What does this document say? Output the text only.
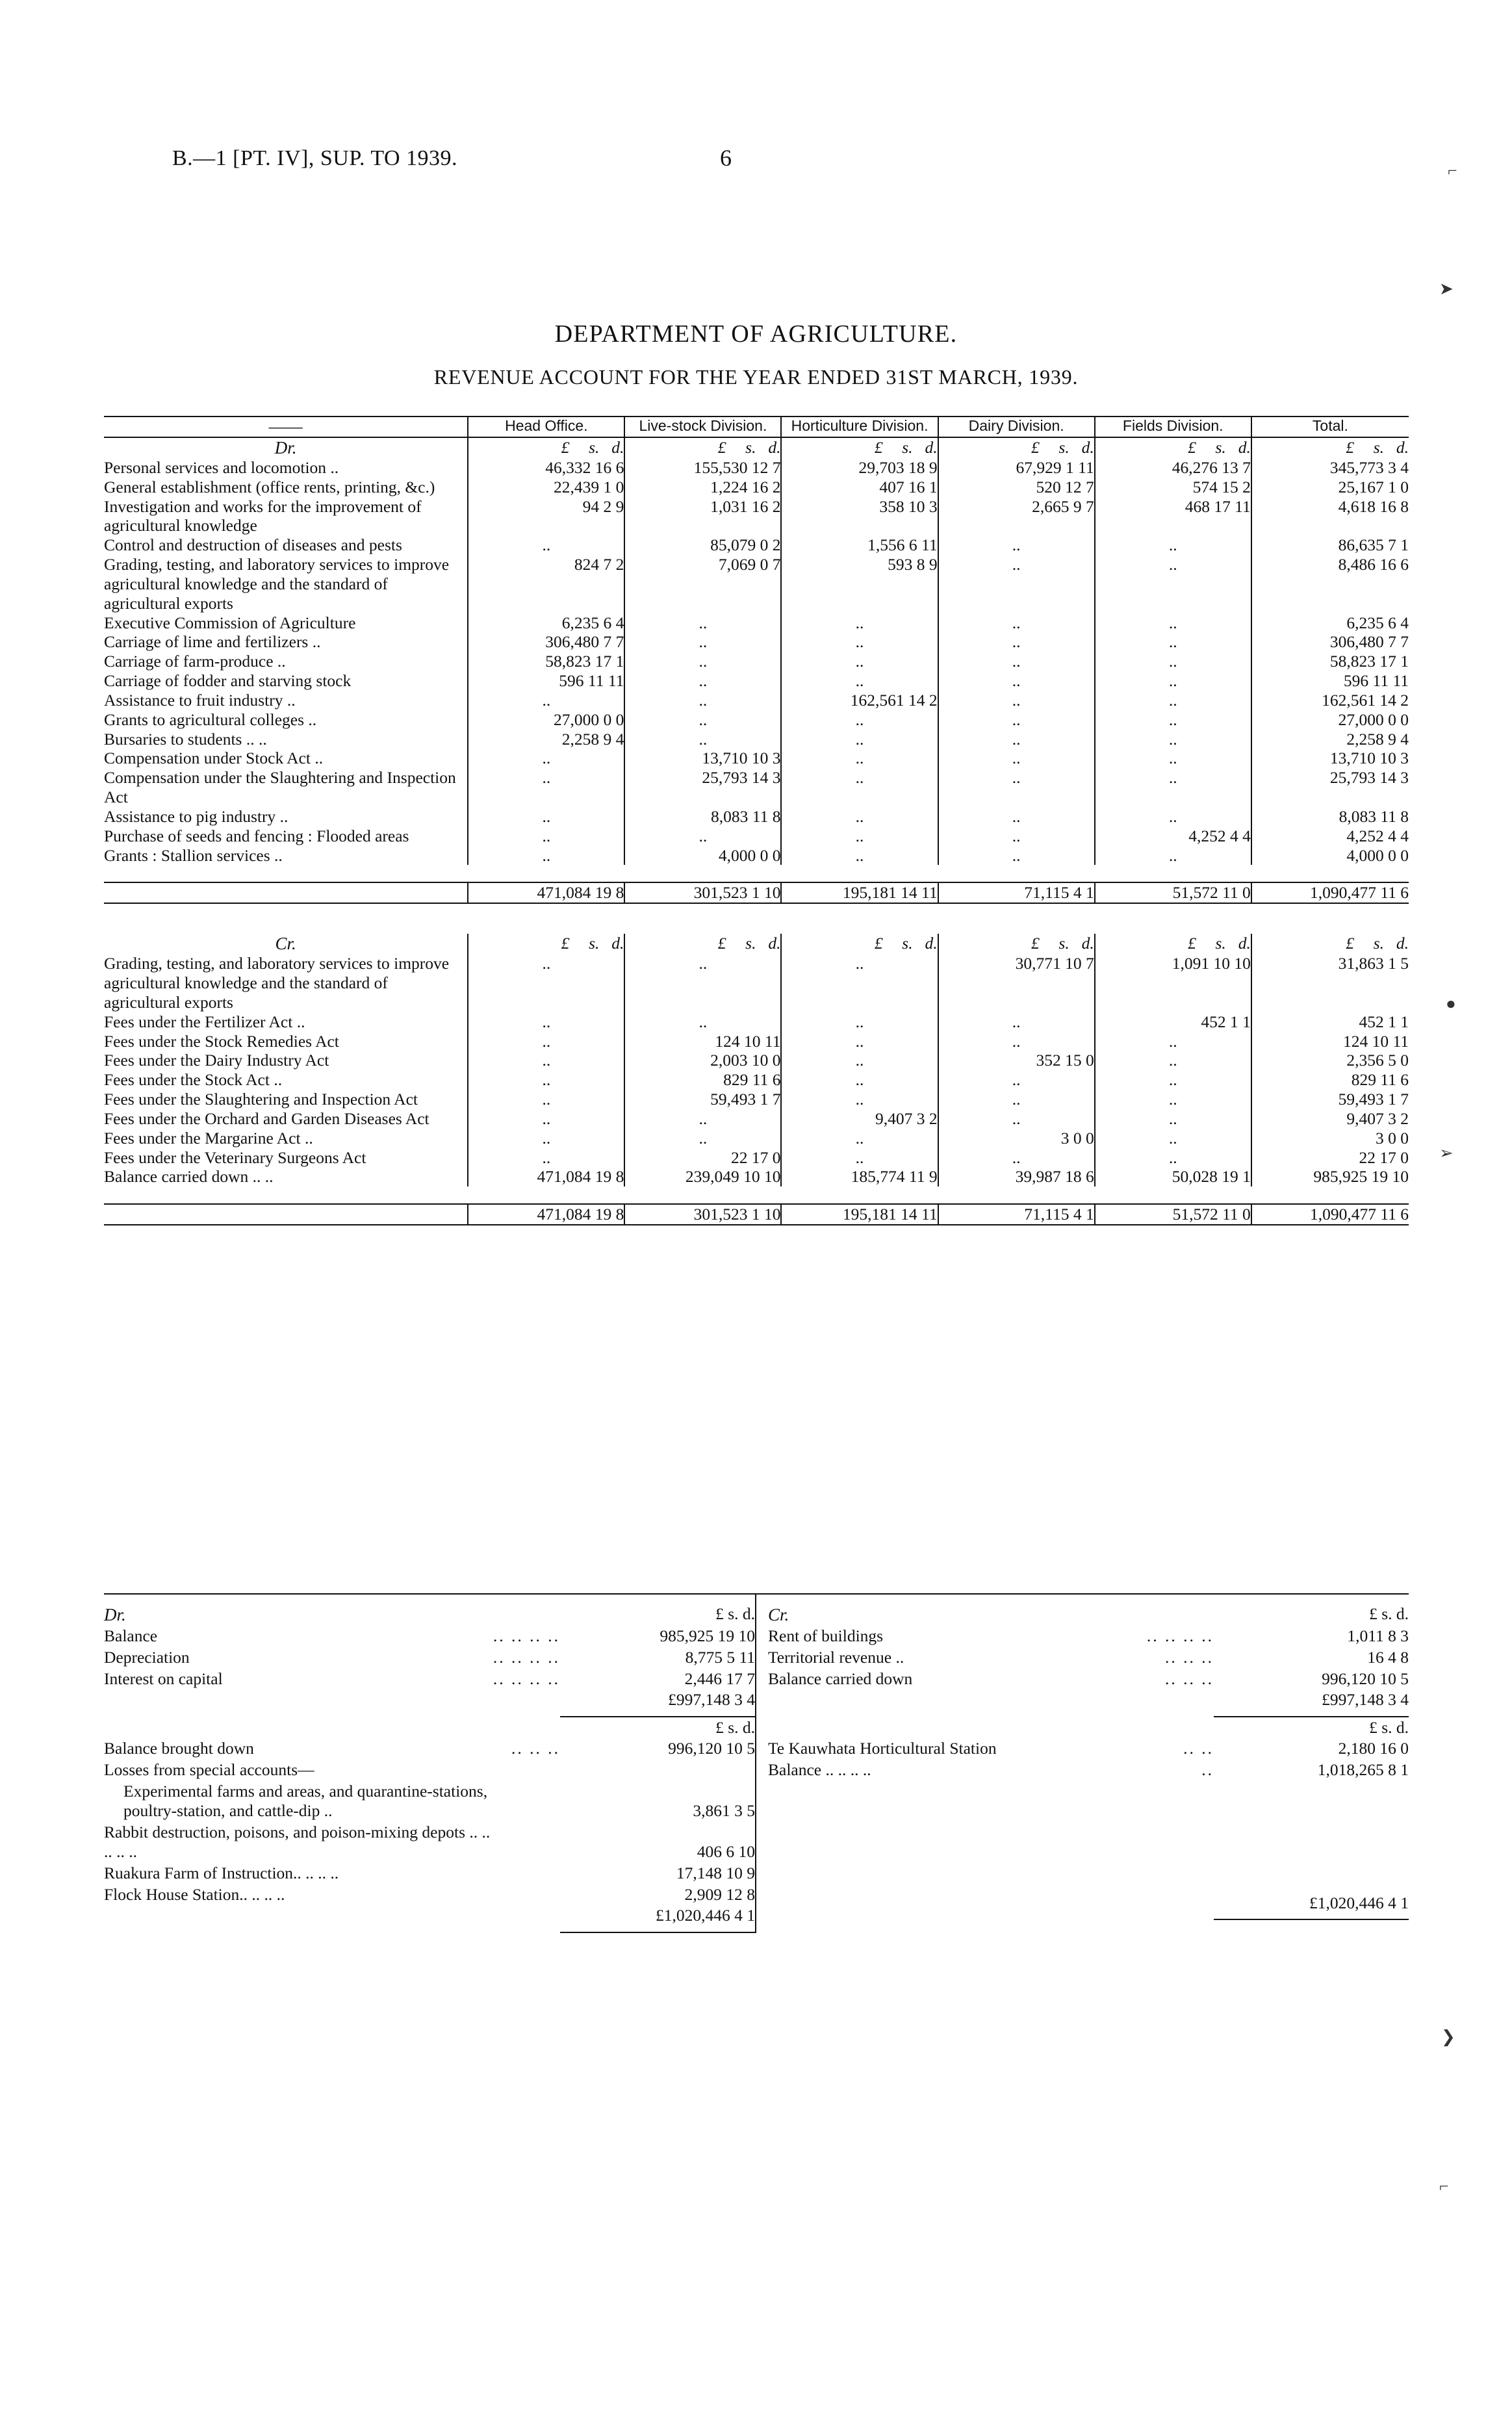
B.—1 [PT. IV], SUP. TO 1939.	6
DEPARTMENT OF AGRICULTURE.
REVENUE ACCOUNT FOR THE YEAR ENDED 31ST MARCH, 1939.
——	Head Office.	Live-stock Division.	Horticulture Division.	Dairy Division.	Fields Division.	Total.
Dr.	£ s. d.	£ s. d.	£ s. d.	£ s. d.	£ s. d.	£ s. d.
Personal services and locomotion ..	46,332 16 6	155,530 12 7	29,703 18 9	67,929 1 11	46,276 13 7	345,773 3 4
General establishment (office rents, printing, &c.)	22,439 1 0	1,224 16 2	407 16 1	520 12 7	574 15 2	25,167 1 0
Investigation and works for the improvement of agricultural knowledge	94 2 9	1,031 16 2	358 10 3	2,665 9 7	468 17 11	4,618 16 8
Control and destruction of diseases and pests	..	85,079 0 2	1,556 6 11	..	..	86,635 7 1
Grading, testing, and laboratory services to improve agricultural knowledge and the standard of agricultural exports	824 7 2	7,069 0 7	593 8 9	..	..	8,486 16 6
Executive Commission of Agriculture	6,235 6 4	..	..	..	..	6,235 6 4
Carriage of lime and fertilizers ..	306,480 7 7	..	..	..	..	306,480 7 7
Carriage of farm-produce ..	58,823 17 1	..	..	..	..	58,823 17 1
Carriage of fodder and starving stock	596 11 11	..	..	..	..	596 11 11
Assistance to fruit industry ..	..	..	162,561 14 2	..	..	162,561 14 2
Grants to agricultural colleges ..	27,000 0 0	..	..	..	..	27,000 0 0
Bursaries to students .. ..	2,258 9 4	..	..	..	..	2,258 9 4
Compensation under Stock Act ..	..	13,710 10 3	..	..	..	13,710 10 3
Compensation under the Slaughtering and Inspection Act	..	25,793 14 3	..	..	..	25,793 14 3
Assistance to pig industry ..	..	8,083 11 8	..	..	..	8,083 11 8
Purchase of seeds and fencing : Flooded areas	..	..	..	..	4,252 4 4	4,252 4 4
Grants : Stallion services ..	..	4,000 0 0	..	..	..	4,000 0 0

	471,084 19 8	301,523 1 10	195,181 14 11	71,115 4 1	51,572 11 0	1,090,477 11 6

Cr.	£ s. d.	£ s. d.	£ s. d.	£ s. d.	£ s. d.	£ s. d.
Grading, testing, and laboratory services to improve agricultural knowledge and the standard of agricultural exports	..	..	..	30,771 10 7	1,091 10 10	31,863 1 5
Fees under the Fertilizer Act ..	..	..	..	..	452 1 1	452 1 1
Fees under the Stock Remedies Act	..	124 10 11	..	..	..	124 10 11
Fees under the Dairy Industry Act	..	2,003 10 0	..	352 15 0	..	2,356 5 0
Fees under the Stock Act ..	..	829 11 6	..	..	..	829 11 6
Fees under the Slaughtering and Inspection Act	..	59,493 1 7	..	..	..	59,493 1 7
Fees under the Orchard and Garden Diseases Act	..	..	9,407 3 2	..	..	9,407 3 2
Fees under the Margarine Act ..	..	..	..	3 0 0	..	3 0 0
Fees under the Veterinary Surgeons Act	..	22 17 0	..	..	..	22 17 0
Balance carried down .. ..	471,084 19 8	239,049 10 10	185,774 11 9	39,987 18 6	50,028 19 1	985,925 19 10

	471,084 19 8	301,523 1 10	195,181 14 11	71,115 4 1	51,572 11 0	1,090,477 11 6
Dr.		£ s. d.
Balance	.. .. .. ..	985,925 19 10
Depreciation	.. .. .. ..	8,775 5 11
Interest on capital	.. .. .. ..	2,446 17 7
		£997,148 3 4

		£ s. d.
Balance brought down	.. .. ..	996,120 10 5
Losses from special accounts—		
Experimental farms and areas, and quarantine-stations, poultry-station, and cattle-dip ..		3,861 3 5
Rabbit destruction, poisons, and poison-mixing depots .. .. .. .. ..		406 6 10
Ruakura Farm of Instruction.. .. .. ..		17,148 10 9
Flock House Station.. .. .. ..		2,909 12 8
		£1,020,446 4 1

Cr.		£ s. d.
Rent of buildings	.. .. .. ..	1,011 8 3
Territorial revenue ..	.. .. ..	16 4 8
Balance carried down	.. .. ..	996,120 10 5
		£997,148 3 4

		£ s. d.
Te Kauwhata Horticultural Station	.. ..	2,180 16 0
Balance .. .. .. ..	..	1,018,265 8 1

		£1,020,446 4 1

⌐
➤
●
➢
❯
⌐
